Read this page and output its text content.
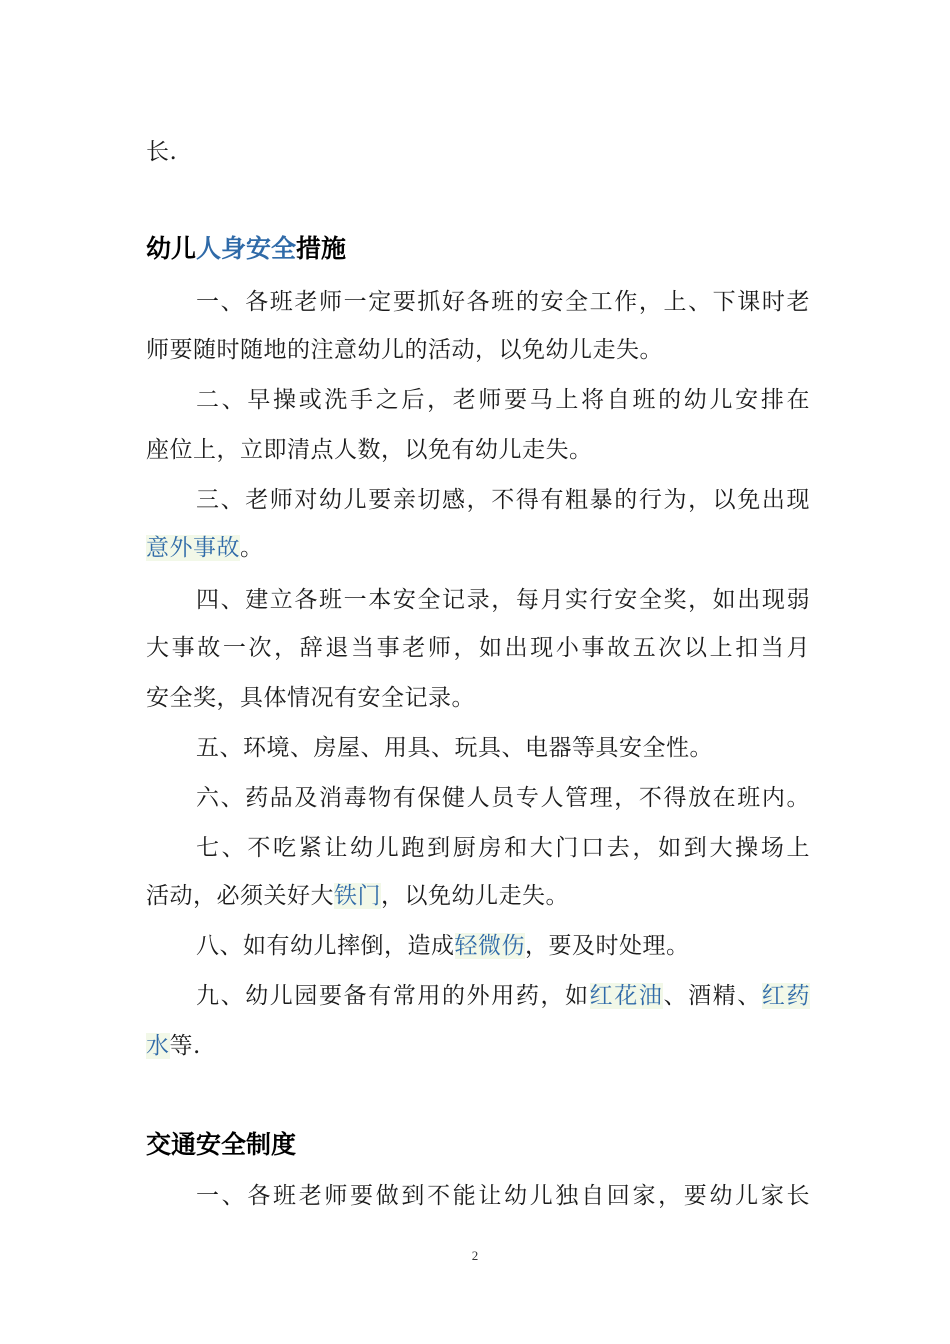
长.
幼儿人身安全措施
一、各班老师一定要抓好各班的安全工作，上、下课时老
师要随时随地的注意幼儿的活动，以免幼儿走失。
二、早操或洗手之后，老师要马上将自班的幼儿安排在
座位上，立即清点人数，以免有幼儿走失。
三、老师对幼儿要亲切感，不得有粗暴的行为，以免出现
意外事故。
四、建立各班一本安全记录，每月实行安全奖，如出现弱
大事故一次，辞退当事老师，如出现小事故五次以上扣当月
安全奖，具体情况有安全记录。
五、环境、房屋、用具、玩具、电器等具安全性。
六、药品及消毒物有保健人员专人管理，不得放在班内。
七、不吃紧让幼儿跑到厨房和大门口去，如到大操场上
活动，必须关好大铁门，以免幼儿走失。
八、如有幼儿摔倒，造成轻微伤，要及时处理。
九、幼儿园要备有常用的外用药，如红花油、酒精、红药
水等.
交通安全制度
一、各班老师要做到不能让幼儿独自回家，要幼儿家长
2
